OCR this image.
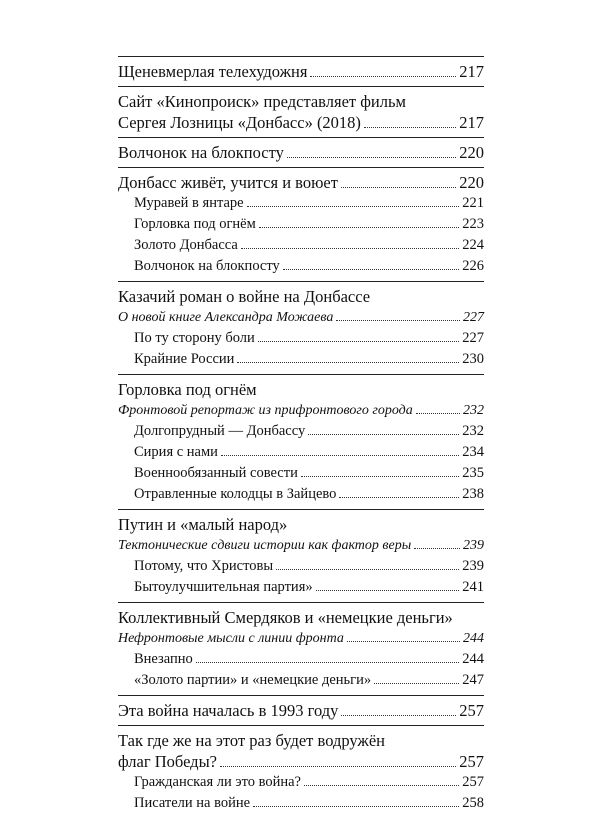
Щеневмерлая телехудожня	217
Сайт «Кинопроиск» представляет фильм
Сергея Лозницы «Донбасс» (2018)	217
Волчонок на блокпосту	220
Донбасс живёт, учится и воюет	220
Муравей в янтаре	221
Горловка под огнём	223
Золото Донбасса	224
Волчонок на блокпосту	226
Казачий роман о войне на Донбассе
О новой книге Александра Можаева	227
По ту сторону боли	227
Крайние России	230
Горловка под огнём
Фронтовой репортаж из прифронтового города	232
Долгопрудный — Донбассу	232
Сирия с нами	234
Военнообязанный совести	235
Отравленные колодцы в Зайцево	238
Путин и «малый народ»
Тектонические сдвиги истории как фактор веры	239
Потому, что Христовы	239
Бытоулучшительная партия»	241
Коллективный Смердяков и «немецкие деньги»
Нефронтовые мысли с линии фронта	244
Внезапно	244
«Золото партии» и «немецкие деньги»	247
Эта война началась в 1993 году	257
Так где же на этот раз будет водружён
флаг Победы?	257
Гражданская ли это война?	257
Писатели на войне	258
